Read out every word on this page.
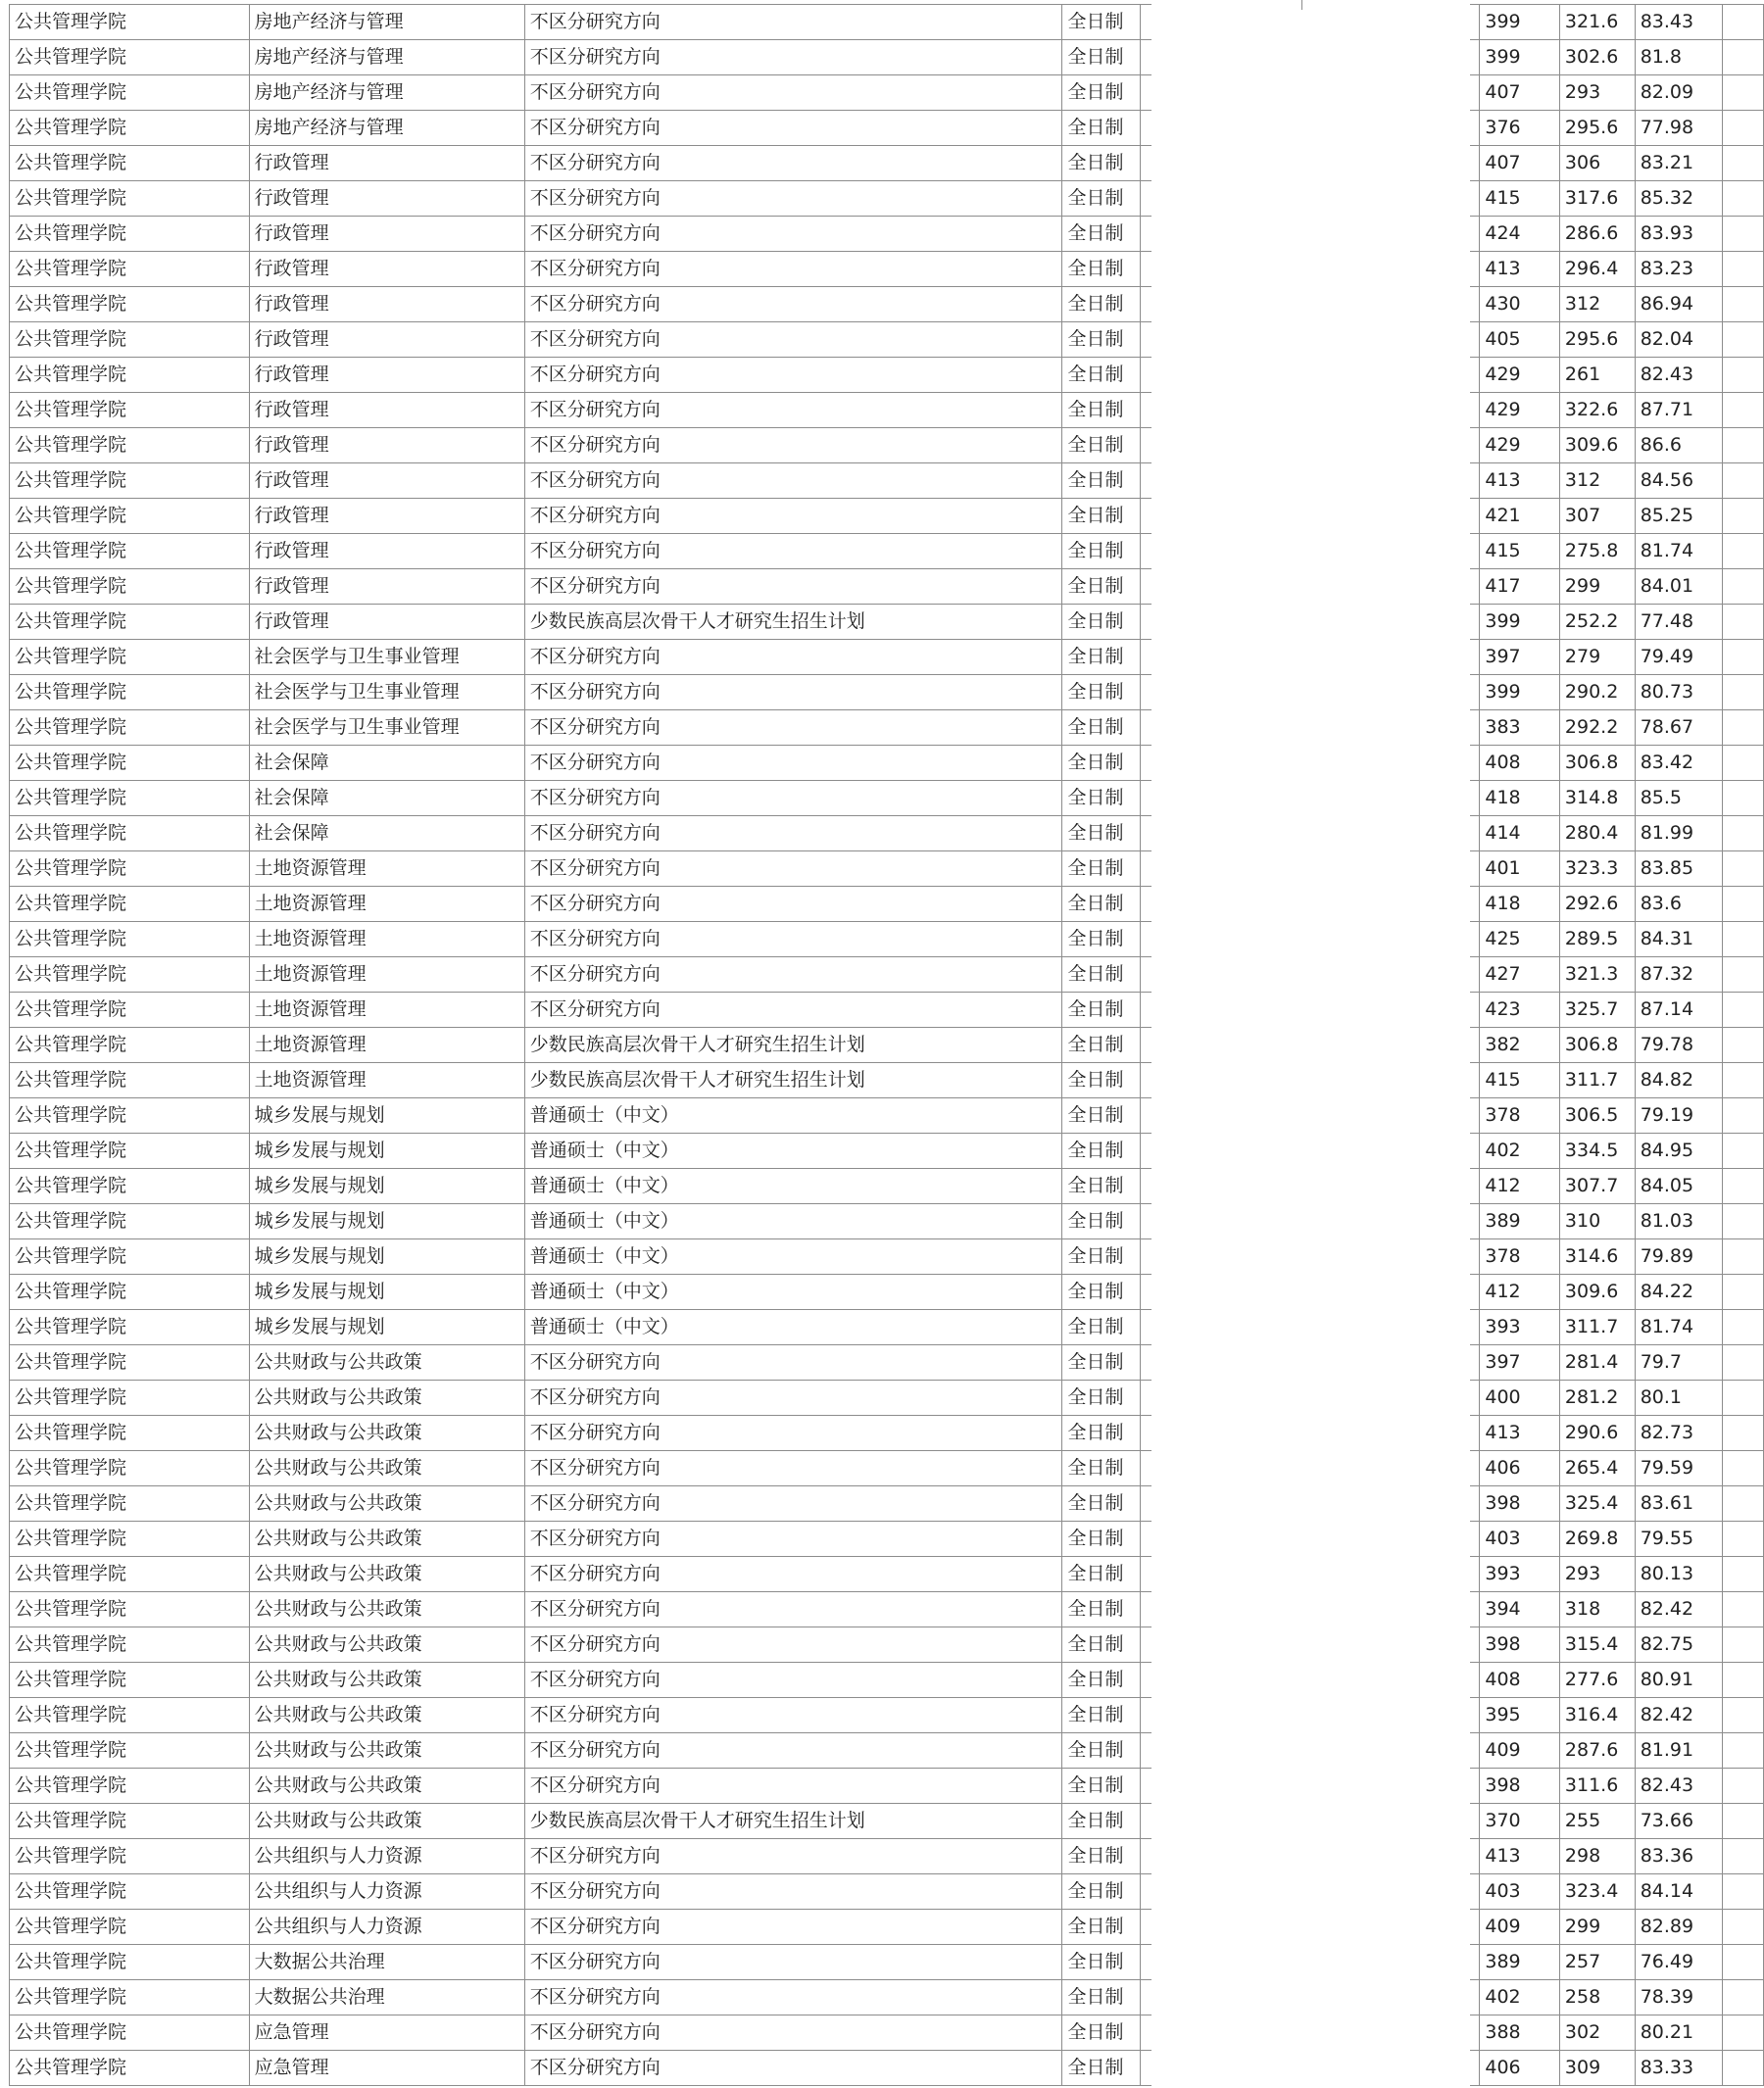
公共管理学院	房地产经济与管理	不区分研究方向	全日制		399	321.6	83.43	
公共管理学院	房地产经济与管理	不区分研究方向	全日制		399	302.6	81.8	
公共管理学院	房地产经济与管理	不区分研究方向	全日制		407	293	82.09	
公共管理学院	房地产经济与管理	不区分研究方向	全日制		376	295.6	77.98	
公共管理学院	行政管理	不区分研究方向	全日制		407	306	83.21	
公共管理学院	行政管理	不区分研究方向	全日制		415	317.6	85.32	
公共管理学院	行政管理	不区分研究方向	全日制		424	286.6	83.93	
公共管理学院	行政管理	不区分研究方向	全日制		413	296.4	83.23	
公共管理学院	行政管理	不区分研究方向	全日制		430	312	86.94	
公共管理学院	行政管理	不区分研究方向	全日制		405	295.6	82.04	
公共管理学院	行政管理	不区分研究方向	全日制		429	261	82.43	
公共管理学院	行政管理	不区分研究方向	全日制		429	322.6	87.71	
公共管理学院	行政管理	不区分研究方向	全日制		429	309.6	86.6	
公共管理学院	行政管理	不区分研究方向	全日制		413	312	84.56	
公共管理学院	行政管理	不区分研究方向	全日制		421	307	85.25	
公共管理学院	行政管理	不区分研究方向	全日制		415	275.8	81.74	
公共管理学院	行政管理	不区分研究方向	全日制		417	299	84.01	
公共管理学院	行政管理	少数民族高层次骨干人才研究生招生计划	全日制		399	252.2	77.48	
公共管理学院	社会医学与卫生事业管理	不区分研究方向	全日制		397	279	79.49	
公共管理学院	社会医学与卫生事业管理	不区分研究方向	全日制		399	290.2	80.73	
公共管理学院	社会医学与卫生事业管理	不区分研究方向	全日制		383	292.2	78.67	
公共管理学院	社会保障	不区分研究方向	全日制		408	306.8	83.42	
公共管理学院	社会保障	不区分研究方向	全日制		418	314.8	85.5	
公共管理学院	社会保障	不区分研究方向	全日制		414	280.4	81.99	
公共管理学院	土地资源管理	不区分研究方向	全日制		401	323.3	83.85	
公共管理学院	土地资源管理	不区分研究方向	全日制		418	292.6	83.6	
公共管理学院	土地资源管理	不区分研究方向	全日制		425	289.5	84.31	
公共管理学院	土地资源管理	不区分研究方向	全日制		427	321.3	87.32	
公共管理学院	土地资源管理	不区分研究方向	全日制		423	325.7	87.14	
公共管理学院	土地资源管理	少数民族高层次骨干人才研究生招生计划	全日制		382	306.8	79.78	
公共管理学院	土地资源管理	少数民族高层次骨干人才研究生招生计划	全日制		415	311.7	84.82	
公共管理学院	城乡发展与规划	普通硕士（中文）	全日制		378	306.5	79.19	
公共管理学院	城乡发展与规划	普通硕士（中文）	全日制		402	334.5	84.95	
公共管理学院	城乡发展与规划	普通硕士（中文）	全日制		412	307.7	84.05	
公共管理学院	城乡发展与规划	普通硕士（中文）	全日制		389	310	81.03	
公共管理学院	城乡发展与规划	普通硕士（中文）	全日制		378	314.6	79.89	
公共管理学院	城乡发展与规划	普通硕士（中文）	全日制		412	309.6	84.22	
公共管理学院	城乡发展与规划	普通硕士（中文）	全日制		393	311.7	81.74	
公共管理学院	公共财政与公共政策	不区分研究方向	全日制		397	281.4	79.7	
公共管理学院	公共财政与公共政策	不区分研究方向	全日制		400	281.2	80.1	
公共管理学院	公共财政与公共政策	不区分研究方向	全日制		413	290.6	82.73	
公共管理学院	公共财政与公共政策	不区分研究方向	全日制		406	265.4	79.59	
公共管理学院	公共财政与公共政策	不区分研究方向	全日制		398	325.4	83.61	
公共管理学院	公共财政与公共政策	不区分研究方向	全日制		403	269.8	79.55	
公共管理学院	公共财政与公共政策	不区分研究方向	全日制		393	293	80.13	
公共管理学院	公共财政与公共政策	不区分研究方向	全日制		394	318	82.42	
公共管理学院	公共财政与公共政策	不区分研究方向	全日制		398	315.4	82.75	
公共管理学院	公共财政与公共政策	不区分研究方向	全日制		408	277.6	80.91	
公共管理学院	公共财政与公共政策	不区分研究方向	全日制		395	316.4	82.42	
公共管理学院	公共财政与公共政策	不区分研究方向	全日制		409	287.6	81.91	
公共管理学院	公共财政与公共政策	不区分研究方向	全日制		398	311.6	82.43	
公共管理学院	公共财政与公共政策	少数民族高层次骨干人才研究生招生计划	全日制		370	255	73.66	
公共管理学院	公共组织与人力资源	不区分研究方向	全日制		413	298	83.36	
公共管理学院	公共组织与人力资源	不区分研究方向	全日制		403	323.4	84.14	
公共管理学院	公共组织与人力资源	不区分研究方向	全日制		409	299	82.89	
公共管理学院	大数据公共治理	不区分研究方向	全日制		389	257	76.49	
公共管理学院	大数据公共治理	不区分研究方向	全日制		402	258	78.39	
公共管理学院	应急管理	不区分研究方向	全日制		388	302	80.21	
公共管理学院	应急管理	不区分研究方向	全日制		406	309	83.33	
